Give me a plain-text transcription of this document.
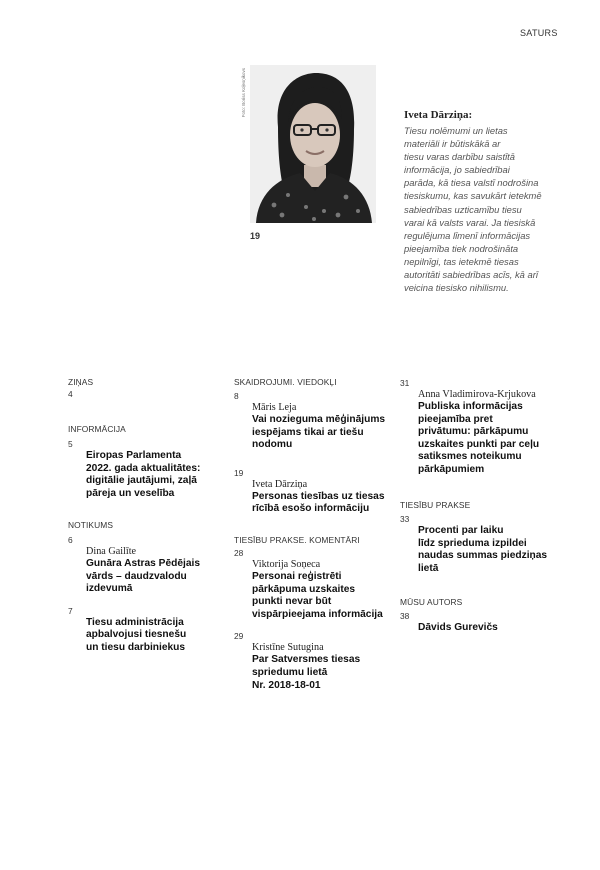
SATURS
Foto: Boriss Koļesņikovs
19
Iveta Dārziņa:
Tiesu nolēmumi un lietas
materiāli ir būtiskākā ar
tiesu varas darbību saistītā
informācija, jo sabiedrībai
parāda, kā tiesa valstī nodrošina
tiesiskumu, kas savukārt ietekmē
sabiedrības uzticamību tiesu
varai kā valsts varai. Ja tiesiskā
regulējuma līmenī informācijas
pieejamība tiek nodrošināta
nepilnīgi, tas ietekmē tiesas
autoritāti sabiedrības acīs, kā arī
veicina tiesisko nihilismu.
ZIŅAS
4
INFORMĀCIJA
5
Eiropas Parlamenta
2022. gada aktualitātes:
digitālie jautājumi, zaļā
pāreja un veselība
NOTIKUMS
6
Dina Gailīte
Gunāra Astras Pēdējais
vārds – daudzvalodu
izdevumā
7
Tiesu administrācija
apbalvojusi tiesnešu
un tiesu darbiniekus
SKAIDROJUMI. VIEDOKĻI
8
Māris Leja
Vai nozieguma mēģinājums
iespējams tikai ar tiešu
nodomu
19
Iveta Dārziņa
Personas tiesības uz tiesas
rīcībā esošo informāciju
TIESĪBU PRAKSE. KOMENTĀRI
28
Viktorija Soņeca
Personai reģistrēti
pārkāpuma uzskaites
punkti nevar būt
vispārpieejama informācija
29
Kristīne Sutugina
Par Satversmes tiesas
spriedumu lietā
Nr. 2018-18-01
31
Anna Vladimirova-Krjukova
Publiska informācijas
pieejamība pret
privātumu: pārkāpumu
uzskaites punkti par ceļu
satiksmes noteikumu
pārkāpumiem
TIESĪBU PRAKSE
33
Procenti par laiku
līdz sprieduma izpildei
naudas summas piedziņas
lietā
MŪSU AUTORS
38
Dāvids Gurevičs
